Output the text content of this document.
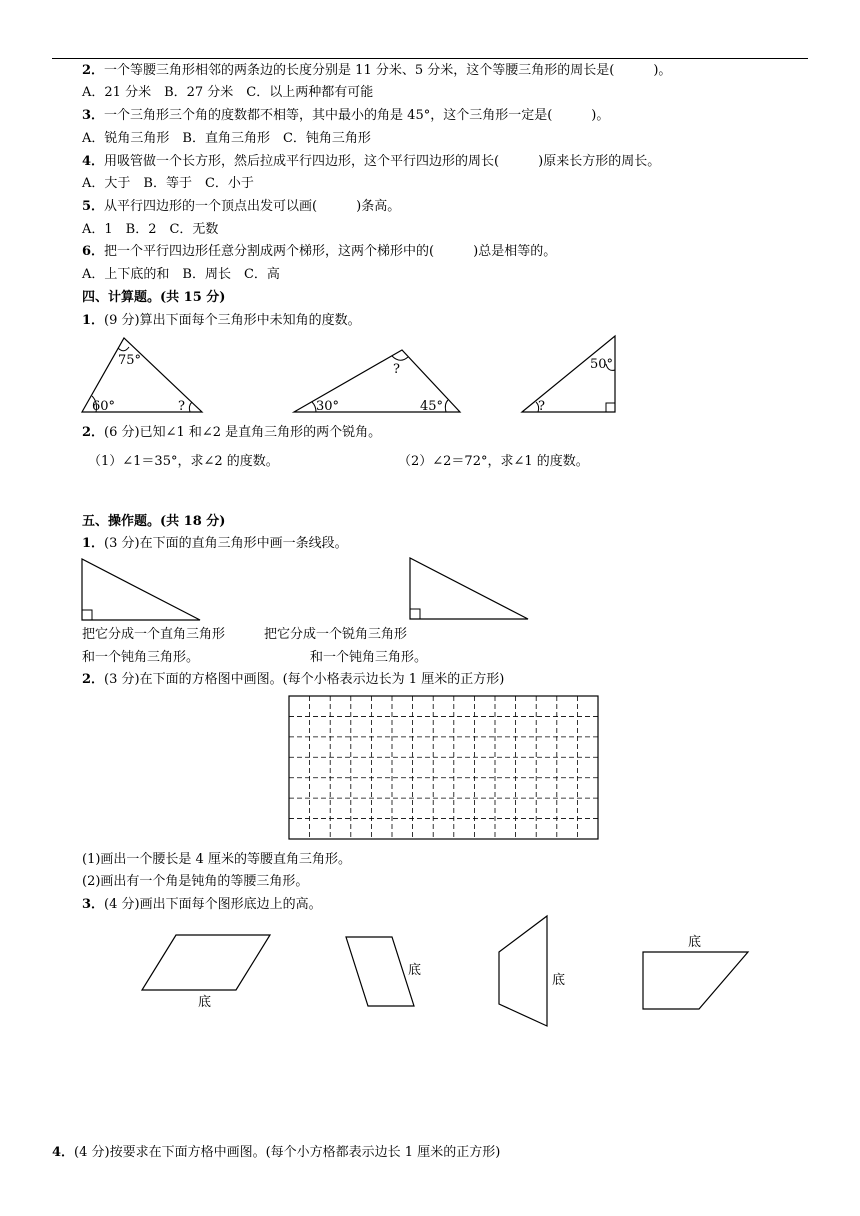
2．一个等腰三角形相邻的两条边的长度分别是 11 分米、5 分米，这个等腰三角形的周长是(　　　)。
A．21 分米　B．27 分米　C．以上两种都有可能
3．一个三角形三个角的度数都不相等，其中最小的角是 45°，这个三角形一定是(　　　)。
A．锐角三角形　B．直角三角形　C．钝角三角形
4．用吸管做一个长方形，然后拉成平行四边形，这个平行四边形的周长(　　　)原来长方形的周长。
A．大于　B．等于　C．小于
5．从平行四边形的一个顶点出发可以画(　　　)条高。
A．1　B．2　C．无数
6．把一个平行四边形任意分割成两个梯形，这两个梯形中的(　　　)总是相等的。
A．上下底的和　B．周长　C．高
四、计算题。(共 15 分)
1．(9 分)算出下面每个三角形中未知角的度数。
75°
60°	?
?
30°	45°
50°
?
2．(6 分)已知∠1 和∠2 是直角三角形的两个锐角。
（1）∠1＝35°，求∠2 的度数。	（2）∠2＝72°，求∠1 的度数。
五、操作题。(共 18 分)
1．(3 分)在下面的直角三角形中画一条线段。
把它分成一个直角三角形	把它分成一个锐角三角形
和一个钝角三角形。	和一个钝角三角形。
2．(3 分)在下面的方格图中画图。(每个小格表示边长为 1 厘米的正方形)
(1)画出一个腰长是 4 厘米的等腰直角三角形。
(2)画出有一个角是钝角的等腰三角形。
3．(4 分)画出下面每个图形底边上的高。
底
底
底
底
4．(4 分)按要求在下面方格中画图。(每个小方格都表示边长 1 厘米的正方形)
